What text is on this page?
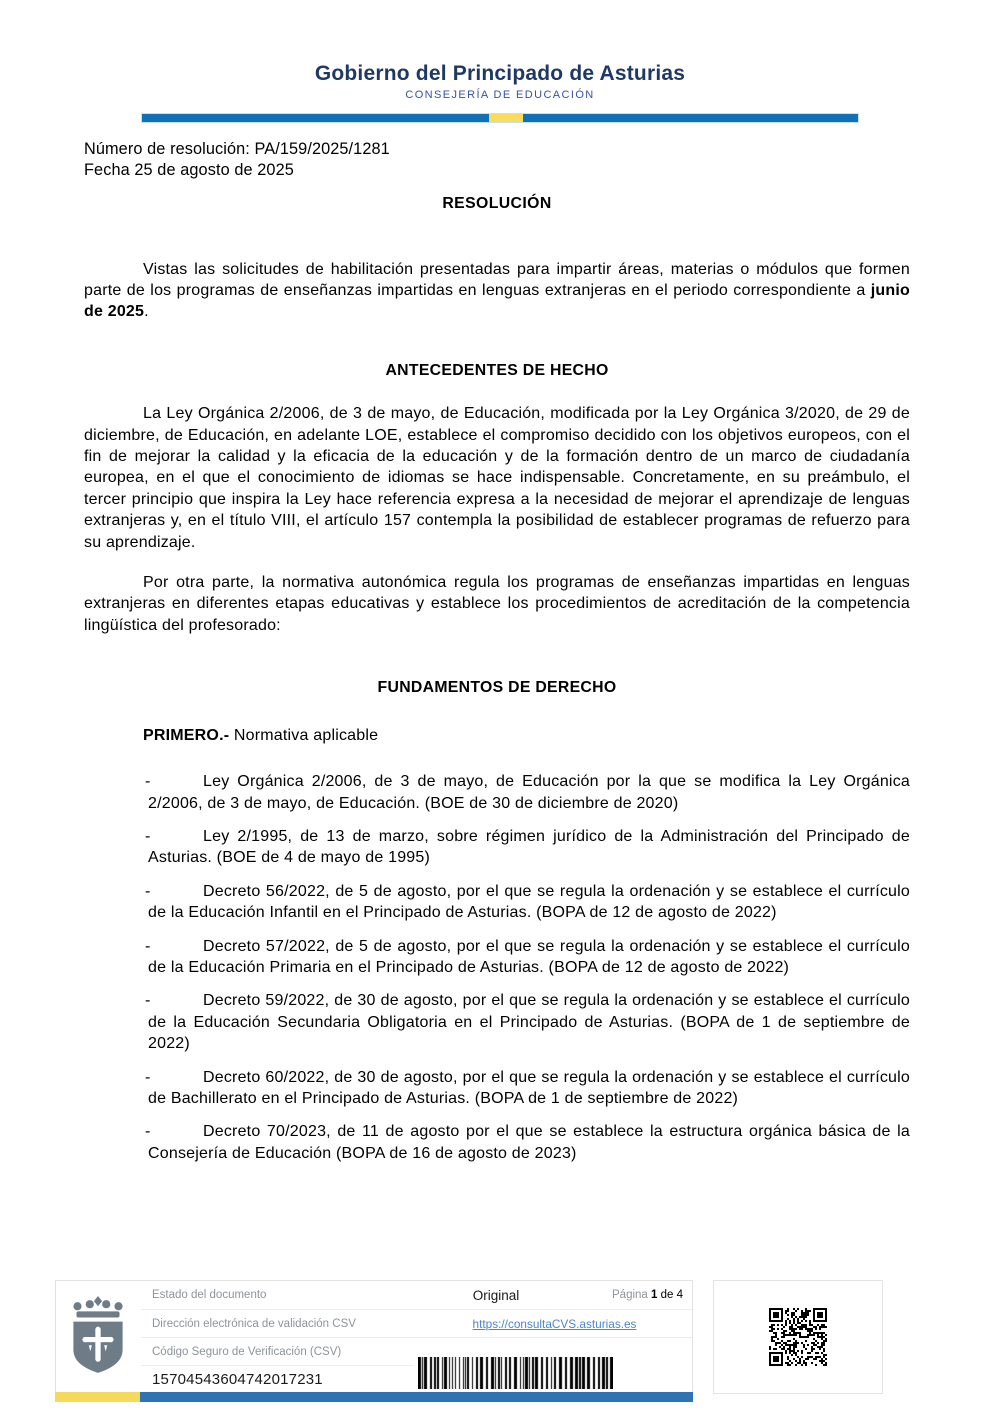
Gobierno del Principado de Asturias
CONSEJERÍA DE EDUCACIÓN
Número de resolución: PA/159/2025/1281
Fecha 25 de agosto de 2025
RESOLUCIÓN

Vistas las solicitudes de habilitación presentadas para impartir áreas, materias o módulos que formen parte de los programas de enseñanzas impartidas en lenguas extranjeras en el periodo correspondiente a junio de 2025.

ANTECEDENTES DE HECHO

La Ley Orgánica 2/2006, de 3 de mayo, de Educación, modificada por la Ley Orgánica 3/2020, de 29 de diciembre, de Educación, en adelante LOE, establece el compromiso decidido con los objetivos europeos, con el fin de mejorar la calidad y la eficacia de la educación y de la formación dentro de un marco de ciudadanía europea, en el que el conocimiento de idiomas se hace indispensable. Concretamente, en su preámbulo, el tercer principio que inspira la Ley hace referencia expresa a la necesidad de mejorar el aprendizaje de lenguas extranjeras y, en el título VIII, el artículo 157 contempla la posibilidad de establecer programas de refuerzo para su aprendizaje.

Por otra parte, la normativa autonómica regula los programas de enseñanzas impartidas en lenguas extranjeras en diferentes etapas educativas y establece los procedimientos de acreditación de la competencia lingüística del profesorado:

FUNDAMENTOS DE DERECHO

PRIMERO.- Normativa aplicable

-	Ley Orgánica 2/2006, de 3 de mayo, de Educación por la que se modifica la Ley Orgánica 2/2006, de 3 de mayo, de Educación. (BOE de 30 de diciembre de 2020)
-	Ley 2/1995, de 13 de marzo, sobre régimen jurídico de la Administración del Principado de Asturias. (BOE de 4 de mayo de 1995)
-	Decreto 56/2022, de 5 de agosto, por el que se regula la ordenación y se establece el currículo de la Educación Infantil en el Principado de Asturias. (BOPA de 12 de agosto de 2022)
-	Decreto 57/2022, de 5 de agosto, por el que se regula la ordenación y se establece el currículo de la Educación Primaria en el Principado de Asturias. (BOPA de 12 de agosto de 2022)
-	Decreto 59/2022, de 30 de agosto, por el que se regula la ordenación y se establece el currículo de la Educación Secundaria Obligatoria en el Principado de Asturias. (BOPA de 1 de septiembre de 2022)
-	Decreto 60/2022, de 30 de agosto, por el que se regula la ordenación y se establece el currículo de Bachillerato en el Principado de Asturias. (BOPA de 1 de septiembre de 2022)
-	Decreto 70/2023, de 11 de agosto por el que se establece la estructura orgánica básica de la Consejería de Educación (BOPA de 16 de agosto de 2023)
Estado del documento	Original	Página 1 de 4
Dirección electrónica de validación CSV	https://consultaCVS.asturias.es
Código Seguro de Verificación (CSV)
15704543604742017231
